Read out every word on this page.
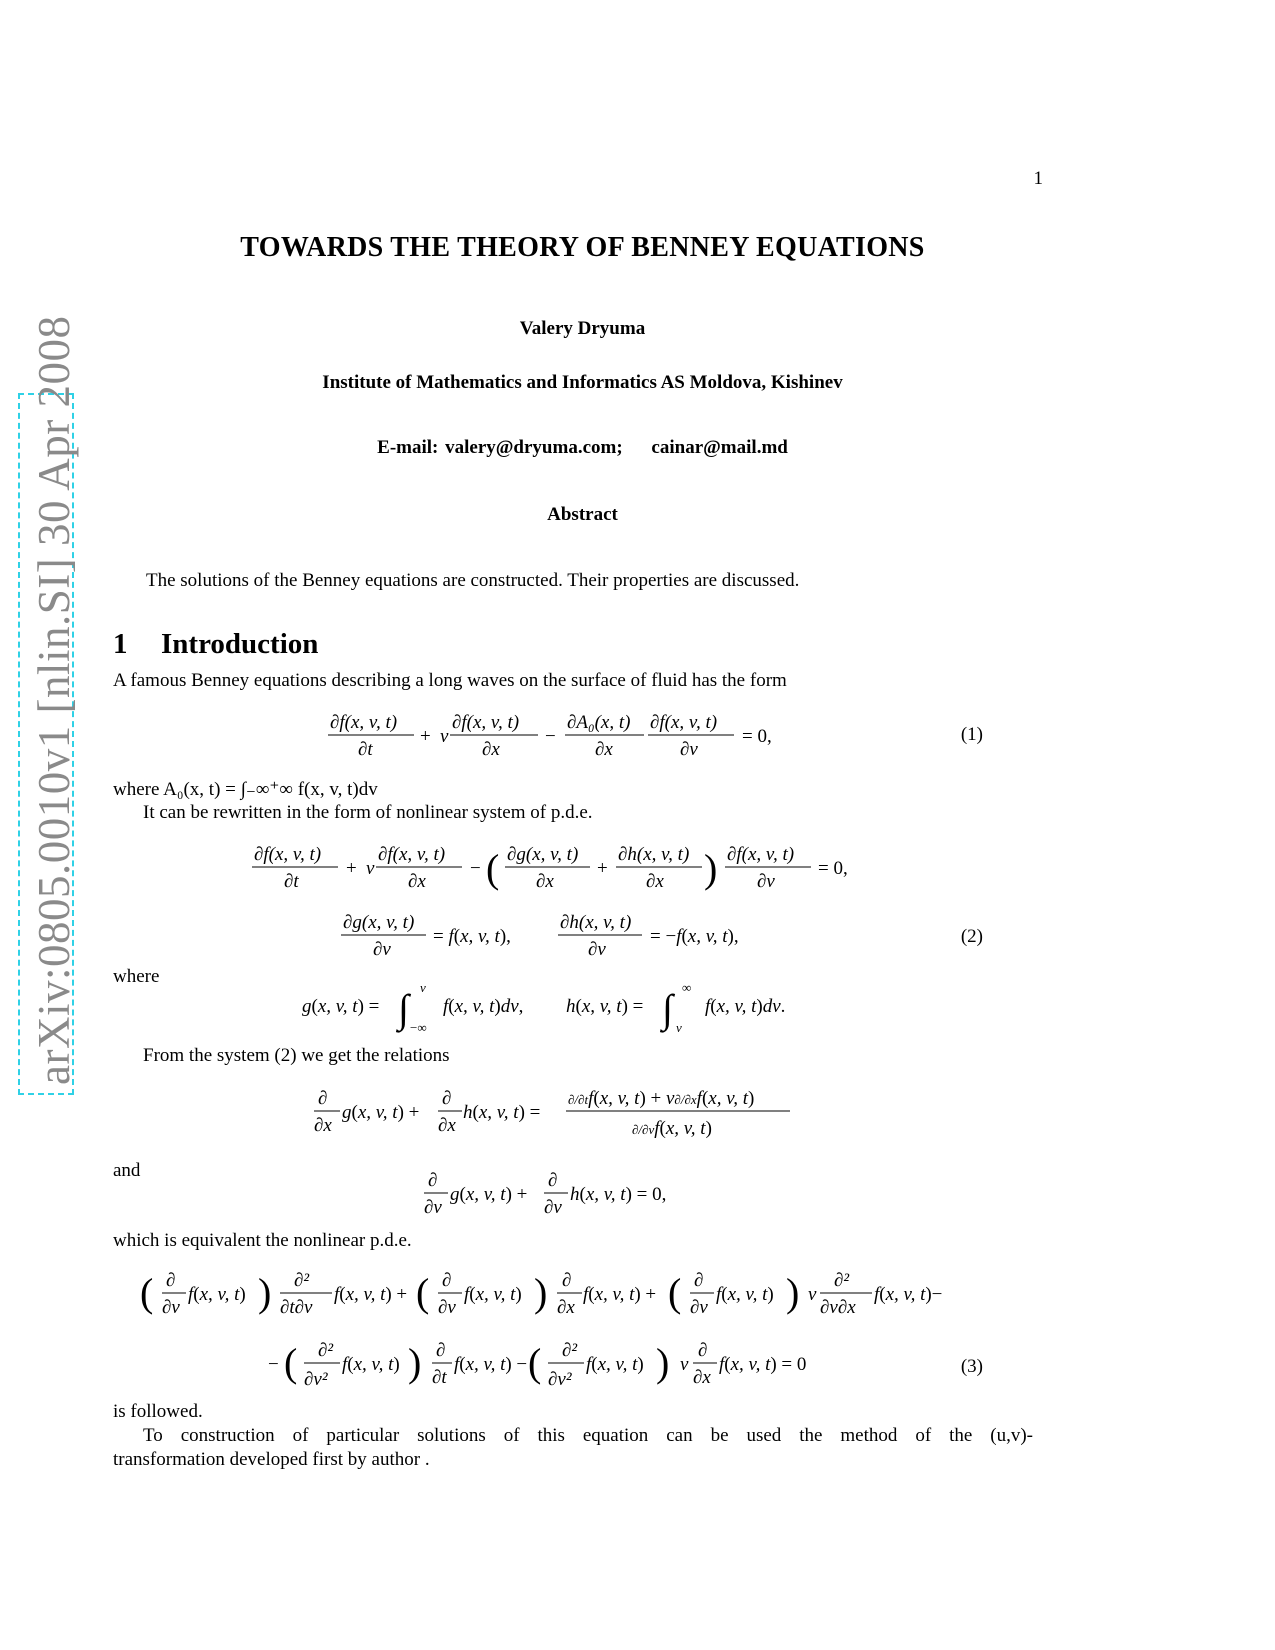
arXiv:0805.0010v1 [nlin.SI] 30 Apr 2008
1
TOWARDS THE THEORY OF BENNEY EQUATIONS
Valery Dryuma
Institute of Mathematics and Informatics AS Moldova, Kishinev
E-mail: valery@dryuma.com; cainar@mail.md
Abstract
The solutions of the Benney equations are constructed. Their properties are discussed.
1 Introduction
A famous Benney equations describing a long waves on the surface of fluid has the form
where A₀(x, t) = ∫₋∞⁺∞ f(x, v, t)dv
It can be rewritten in the form of nonlinear system of p.d.e.
where
From the system (2) we get the relations
and
which is equivalent the nonlinear p.d.e.
is followed.
To construction of particular solutions of this equation can be used the method of the (u,v)-
transformation developed first by author .
(1)
(2)
(3)
∂f(x, v, t)
∂t
+ v
∂f(x, v, t)
∂x
−
∂A₀(x, t)
∂x
∂f(x, v, t)
∂v
= 0,
∂f(x, v, t)
∂t
+ v
∂f(x, v, t)
∂x
− ( ∂g(x, v, t)
∂x
+
∂h(x, v, t)
∂x ) ∂f(x, v, t)
∂v
= 0,
∂g(x, v, t)
∂v
= f(x, v, t),
∂h(x, v, t)
∂v
= −f(x, v, t),
g(x, v, t) = ∫ v
−∞
f(x, v, t)dv, h(x, v, t) = ∫ ∞
v
f(x, v, t)dv.
∂
∂x
g(x, v, t) +
∂
∂x
h(x, v, t) =
∂/∂tf(x, v, t) + v∂/∂xf(x, v, t)
∂/∂vf(x, v, t)
∂
∂v
g(x, v, t) +
∂
∂v
h(x, v, t) = 0,
( ∂
∂v
f(x, v, t) ) ∂²
∂t∂v
f(x, v, t) + ( ∂
∂v
f(x, v, t) ) ∂
∂x
f(x, v, t) + ( ∂
∂v
f(x, v, t) ) v
∂²
∂v∂x
f(x, v, t)−
− ( ∂²
∂v²
f(x, v, t) ) ∂
∂t
f(x, v, t) − ( ∂²
∂v²
f(x, v, t) ) v
∂
∂x
f(x, v, t) = 0
